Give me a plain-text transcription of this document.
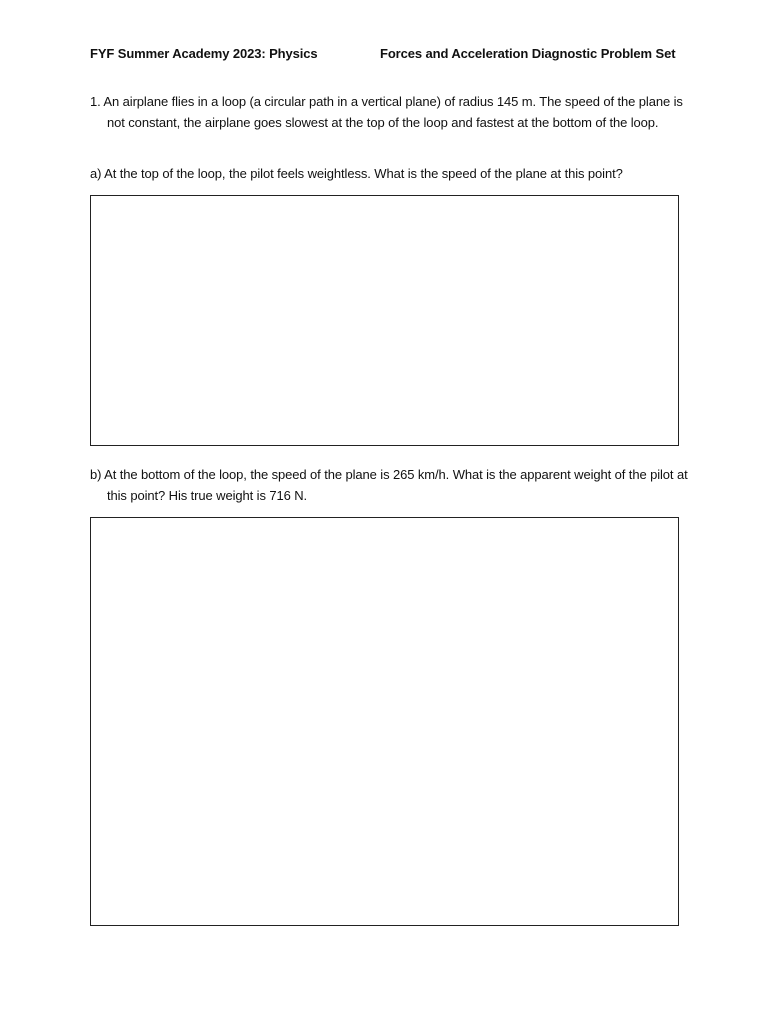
FYF Summer Academy 2023: Physics	Forces and Acceleration Diagnostic Problem Set
1. An airplane flies in a loop (a circular path in a vertical plane) of radius 145 m. The speed of the plane is not constant, the airplane goes slowest at the top of the loop and fastest at the bottom of the loop.
a) At the top of the loop, the pilot feels weightless. What is the speed of the plane at this point?
b) At the bottom of the loop, the speed of the plane is 265 km/h. What is the apparent weight of the pilot at this point? His true weight is 716 N.
